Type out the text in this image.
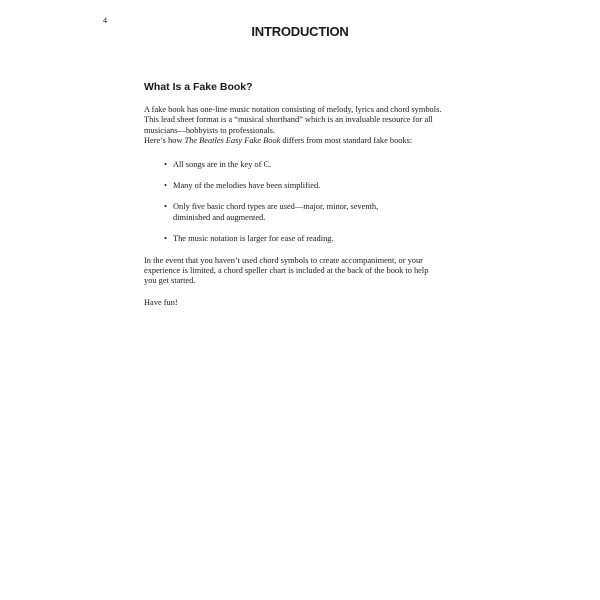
4
INTRODUCTION
What Is a Fake Book?

A fake book has one-line music notation consisting of melody, lyrics and chord symbols.
This lead sheet format is a “musical shorthand” which is an invaluable resource for all
musicians—hobbyists to professionals.
Here’s how The Beatles Easy Fake Book differs from most standard fake books:

• All songs are in the key of C.
• Many of the melodies have been simplified.
• Only five basic chord types are used—major, minor, seventh,
diminished and augmented.
• The music notation is larger for ease of reading.

In the event that you haven’t used chord symbols to create accompaniment, or your
experience is limited, a chord speller chart is included at the back of the book to help
you get started.

Have fun!
